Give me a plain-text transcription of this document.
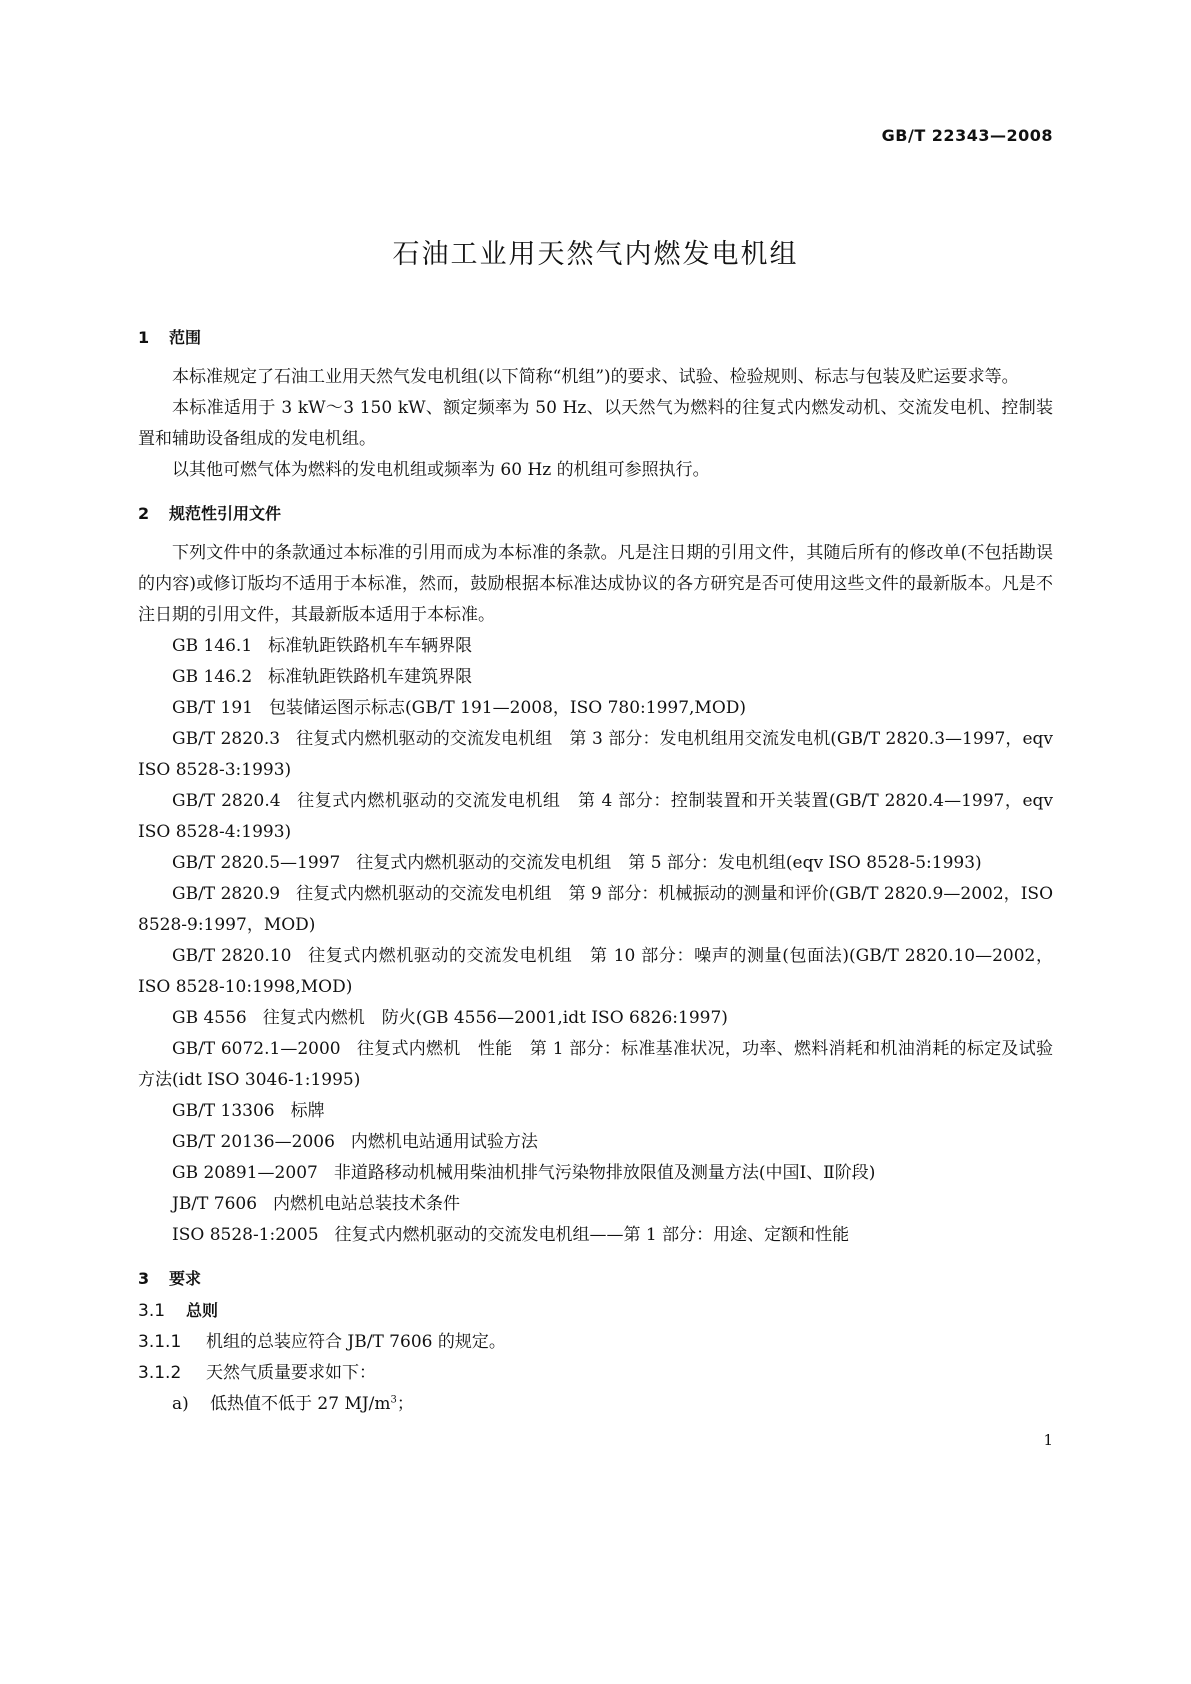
GB/T 22343—2008
石油工业用天然气内燃发电机组
1 范围

本标准规定了石油工业用天然气发电机组(以下简称“机组”)的要求、试验、检验规则、标志与包装及贮运要求等。

本标准适用于 3 kW～3 150 kW、额定频率为 50 Hz、以天然气为燃料的往复式内燃发动机、交流发电机、控制装置和辅助设备组成的发电机组。

以其他可燃气体为燃料的发电机组或频率为 60 Hz 的机组可参照执行。

2 规范性引用文件

下列文件中的条款通过本标准的引用而成为本标准的条款。凡是注日期的引用文件，其随后所有的修改单(不包括勘误的内容)或修订版均不适用于本标准，然而，鼓励根据本标准达成协议的各方研究是否可使用这些文件的最新版本。凡是不注日期的引用文件，其最新版本适用于本标准。

GB 146.1 标准轨距铁路机车车辆界限

GB 146.2 标准轨距铁路机车建筑界限

GB/T 191 包装储运图示标志(GB/T 191—2008，ISO 780:1997,MOD)

GB/T 2820.3 往复式内燃机驱动的交流发电机组　第 3 部分：发电机组用交流发电机(GB/T 2820.3—1997，eqv ISO 8528-3:1993)

GB/T 2820.4 往复式内燃机驱动的交流发电机组　第 4 部分：控制装置和开关装置(GB/T 2820.4—1997，eqv ISO 8528-4:1993)

GB/T 2820.5—1997 往复式内燃机驱动的交流发电机组　第 5 部分：发电机组(eqv ISO 8528-5:1993)

GB/T 2820.9 往复式内燃机驱动的交流发电机组　第 9 部分：机械振动的测量和评价(GB/T 2820.9—2002，ISO 8528-9:1997，MOD)

GB/T 2820.10 往复式内燃机驱动的交流发电机组　第 10 部分：噪声的测量(包面法)(GB/T 2820.10—2002，ISO 8528-10:1998,MOD)

GB 4556 往复式内燃机　防火(GB 4556—2001,idt ISO 6826:1997)

GB/T 6072.1—2000 往复式内燃机　性能　第 1 部分：标准基准状况，功率、燃料消耗和机油消耗的标定及试验方法(idt ISO 3046-1:1995)

GB/T 13306 标牌

GB/T 20136—2006 内燃机电站通用试验方法

GB 20891—2007 非道路移动机械用柴油机排气污染物排放限值及测量方法(中国Ⅰ、Ⅱ阶段)

JB/T 7606 内燃机电站总装技术条件

ISO 8528-1:2005 往复式内燃机驱动的交流发电机组——第 1 部分：用途、定额和性能

3 要求

3.1 总则

3.1.1 机组的总装应符合 JB/T 7606 的规定。

3.1.2 天然气质量要求如下：

a) 低热值不低于 27 $MJ/m^3$；

1
